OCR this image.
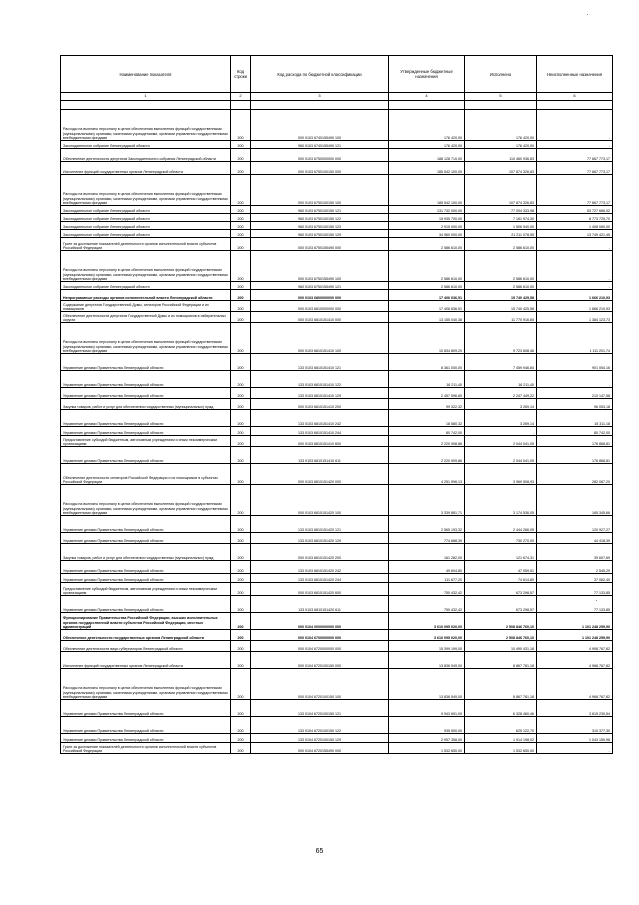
Наименование показателя	Код строки	Код расхода по бюджетной классификации	Утвержденные бюджетные назначения	Исполнено	Неисполненные назначения
1	2	3	4	5	6

Расходы на выплаты персоналу в целях обеспечения выполнения функций государственными (муниципальными) органами, казенными учреждениями, органами управления государственными внебюджетными фондами	200	000 0103 6740155490 100	176 420,00	176 420,00	-
Законодательное собрание Ленинградской области	200	960 0103 6740155490 121	176 420,00	176 420,00	-
Обеспечение деятельности депутатов Законодательного собрания Ленинградской области	200	000 0103 6750000000 000	188 128 710,00	110 460 936,83	77 667 773,17
Исполнение функций государственных органов Ленинградской области	200	000 0103 6750100150 000	185 542 100,00	107 874 326,83	77 667 773,17
Расходы на выплаты персоналу в целях обеспечения выполнения функций государственными (муниципальными) органами, казенными учреждениями, органами управления государственными внебюджетными фондами	200	000 0103 6750100150 100	185 542 100,00	107 874 326,83	77 667 773,17
Законодательное собрание Ленинградской области	200	960 0103 6750100150 121	131 732 000,00	77 004 333,98	53 727 666,02
Законодательное собрание Ленинградской области	200	960 0103 6750100150 122	15 935 700,00	7 161 974,30	8 773 725,70
Законодательное собрание Ленинградской области	200	960 0103 6750100150 123	2 915 000,00	1 506 940,00	1 408 060,00
Законодательное собрание Ленинградской области	200	960 0103 6750100150 129	34 960 000,00	21 211 078,55	13 749 421,45
Грант за достижение показателей деятельности органов исполнительной власти субъектов Российской Федерации	200	000 0103 6750155490 000	2 586 610,00	2 586 610,00	-
Расходы на выплаты персоналу в целях обеспечения выполнения функций государственными (муниципальными) органами, казенными учреждениями, органами управления государственными внебюджетными фондами	200	000 0103 6750155490 100	2 586 610,00	2 586 610,00	-
Законодательное собрание Ленинградской области	200	960 0103 6750155490 121	2 586 610,00	2 586 610,00	-
Непрограммные расходы органов исполнительной власти Ленинградской области	200	000 0103 6800000000 000	17 406 636,51	15 740 425,58	1 666 210,93
Содержание депутатов Государственной Думы, сенаторов Российской Федерации и их помощников	200	000 0103 6810000000 000	17 406 636,51	15 740 425,58	1 666 210,93
Обеспечение деятельности депутатов Государственной Думы и их помощников в избирательных округах	200	000 0103 6810151410 000	13 155 040,38	11 770 916,65	1 384 123,73
Расходы на выплаты персоналу в целях обеспечения выполнения функций государственными (муниципальными) органами, казенными учреждениями, органами управления государственными внебюджетными фондами	200	000 0103 6810151410 100	10 834 809,20	9 723 608,46	1 111 201,74
Управление делами Правительства Ленинградской области	200	133 0103 6810151410 121	8 361 000,00	7 459 946,84	901 054,16
Управление делами Правительства Ленинградской области	200	133 0103 6810151410 122	16 211,40	16 211,40	-
Управление делами Правительства Ленинградской области	200	133 0103 6810151410 129	2 457 596,80	2 247 449,22	210 147,58
Закупка товаров, работ и услуг для обеспечения государственных (муниципальных) нужд	200	000 0103 6810151410 200	99 322,32	3 269,14	96 053,18
Управление делами Правительства Ленинградской области	200	133 0103 6810151410 242	18 580,32	3 269,14	15 311,18
Управление делами Правительства Ленинградской области	200	133 0103 6810151410 244	80 742,00	-	80 742,00
Предоставление субсидий бюджетным, автономным учреждениям и иным некоммерческим организациям	200	000 0103 6810151410 600	2 220 908,86	2 044 041,05	176 868,81
Управление делами Правительства Ленинградской области	200	133 0103 6810151410 611	2 220 909,86	2 044 041,05	176 868,81
Обеспечение деятельности сенаторов Российской Федерации и их помощников в субъектах Российской Федерации	200	000 0103 6810151420 000	4 251 596,13	3 969 508,93	282 087,20
Расходы на выплаты персоналу в целях обеспечения выполнения функций государственными (муниципальными) органами, казенными учреждениями, органами управления государственными внебюджетными фондами	200	000 0103 6810151420 100	3 339 881,71	3 174 536,05	165 345,66
Управление делами Правительства Ленинградской области	200	133 0103 6810151420 121	2 565 193,32	2 444 266,05	120 927,27
Управление делами Правительства Ленинградской области	200	133 0103 6810151420 129	774 688,39	730 270,00	44 418,39
Закупка товаров, работ и услуг для обеспечения государственных (муниципальных) нужд	200	000 0103 6810151420 200	161 282,00	121 674,31	39 607,69
Управление делами Правительства Ленинградской области	200	133 0103 6810151420 242	49 604,80	47 059,51	2 545,29
Управление делами Правительства Ленинградской области	200	133 0103 6810151420 244	111 677,20	74 614,80	37 062,40
Предоставление субсидий бюджетным, автономным учреждениям и иным некоммерческим организациям	200	000 0103 6810151420 600	750 432,42	673 298,57	77 133,85
Управление делами Правительства Ленинградской области	200	133 0103 6810151420 611	750 432,42	673 298,57	77 133,85
Функционирование Правительства Российской Федерации, высших исполнительных органов государственной власти субъектов Российской Федерации, местных администраций	200	000 0104 0000000000 000	3 610 095 020,00	2 508 846 760,10	1 101 248 259,90
Обеспечение деятельности государственных органов Ленинградской области	200	000 0104 6700000000 000	3 610 095 020,00	2 508 846 760,10	1 101 248 259,90
Обеспечение деятельности вице-губернаторов Ленинградской области	200	000 0104 6720000000 000	15 399 199,00	10 490 431,18	4 908 767,82
Исполнение функций государственных органов Ленинградской области	200	000 0104 6720100150 000	13 836 549,00	8 867 781,18	4 968 767,82
Расходы на выплаты персоналу в целях обеспечения выполнения функций государственными (муниципальными) органами, казенными учреждениями, органами управления государственными внебюджетными фондами	200	000 0104 6720100150 100	13 836 549,00	8 867 781,18	4 968 767,82
Управление делами Правительства Ленинградской области	200	133 0104 6720100150 121	9 943 691,00	6 328 460,46	3 615 230,54
Управление делами Правительства Ленинградской области	200	133 0104 6720100150 122	935 500,00	625 122,70	310 377,30
Управление делами Правительства Ленинградской области	200	133 0104 6720100150 129	2 957 358,00	1 914 198,02	1 043 159,98
Грант за достижение показателей деятельности органов исполнительной власти субъектов Российской Федерации	200	000 0104 6720155490 000	1 532 650,00	1 532 650,00	-
65
